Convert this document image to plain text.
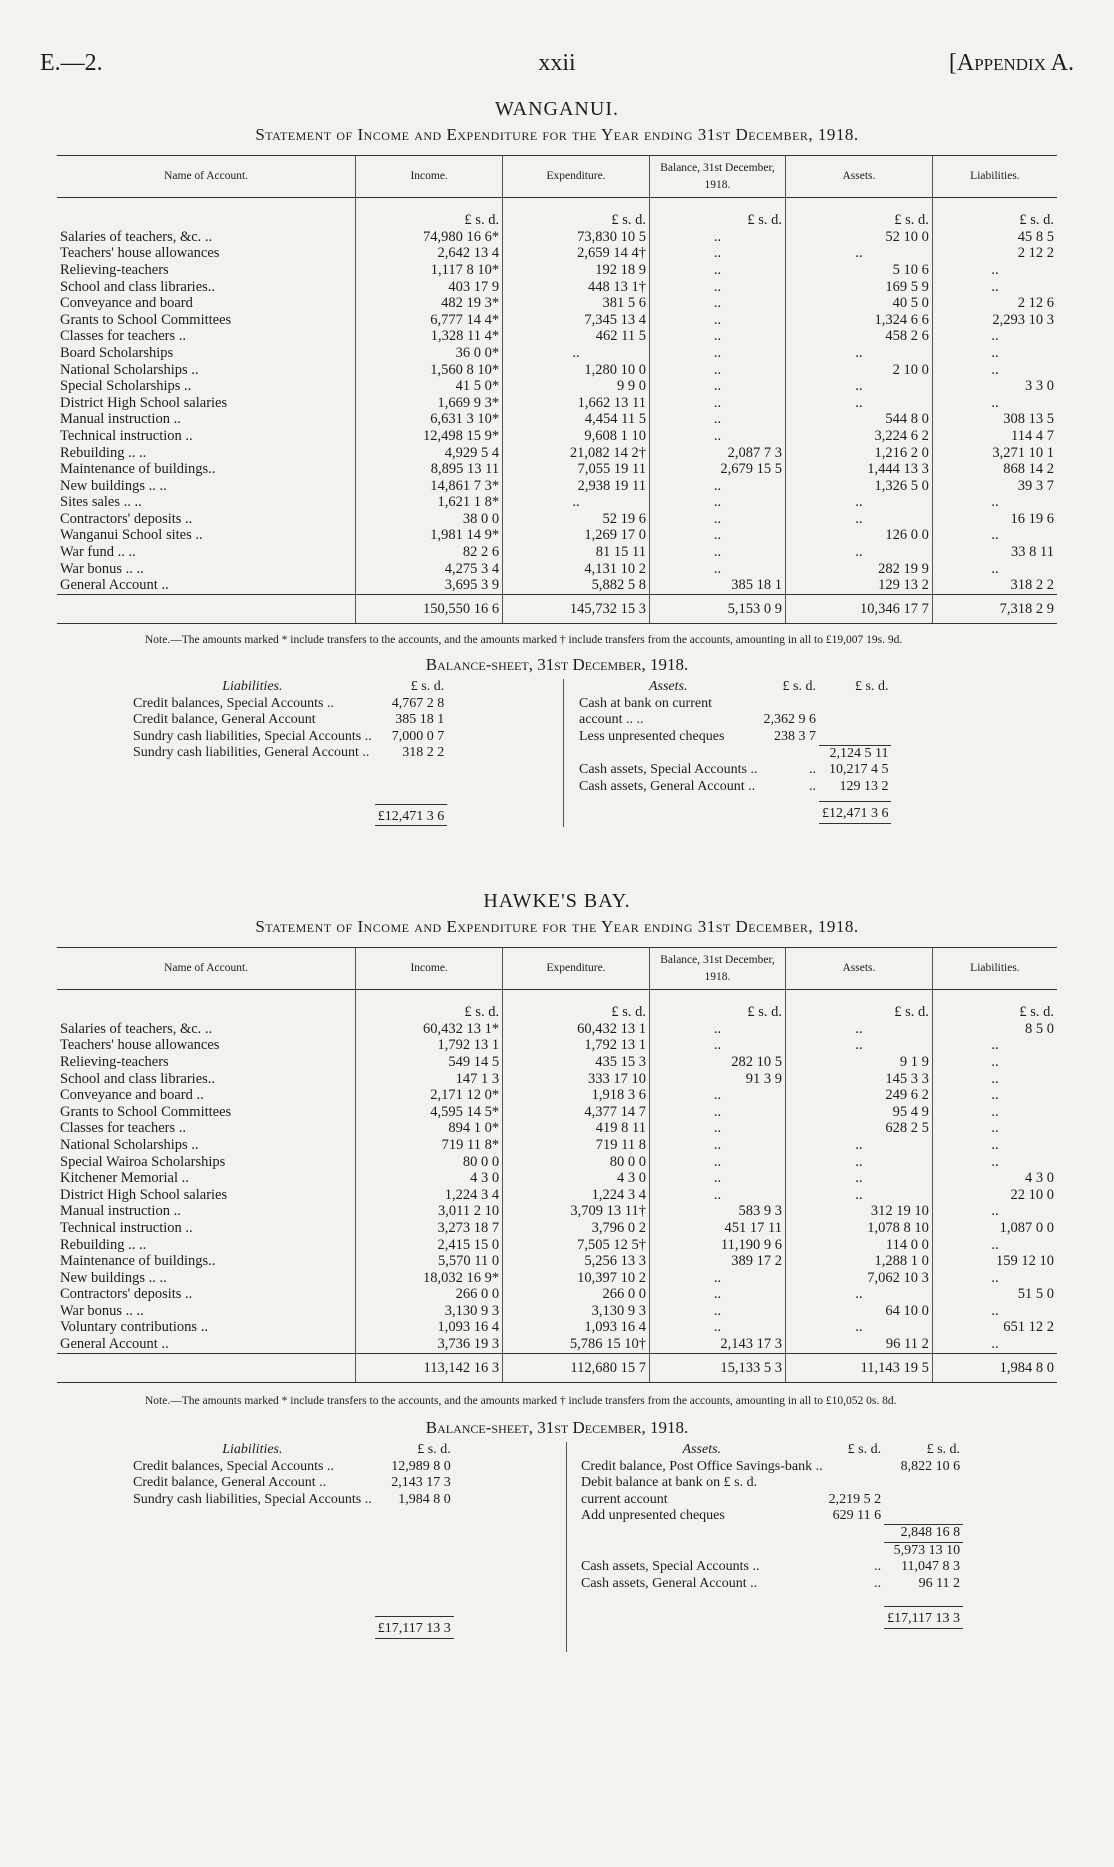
E.—2.	xxii	[Appendix A.
WANGANUI.
Statement of Income and Expenditure for the Year ending 31st December, 1918.
Name of Account.	Income.	Expenditure.	Balance, 31st December, 1918.	Assets.	Liabilities.
	£ s. d.	£ s. d.	£ s. d.	£ s. d.	£ s. d.
Salaries of teachers, &c. ..	74,980 16 6*	73,830 10 5	..	52 10 0	45 8 5
Teachers' house allowances	2,642 13 4	2,659 14 4†	..	..	2 12 2
Relieving-teachers	1,117 8 10*	192 18 9	..	5 10 6	..
School and class libraries..	403 17 9	448 13 1†	..	169 5 9	..
Conveyance and board	482 19 3*	381 5 6	..	40 5 0	2 12 6
Grants to School Committees	6,777 14 4*	7,345 13 4	..	1,324 6 6	2,293 10 3
Classes for teachers ..	1,328 11 4*	462 11 5	..	458 2 6	..
Board Scholarships	36 0 0*	..	..	..	..
National Scholarships ..	1,560 8 10*	1,280 10 0	..	2 10 0	..
Special Scholarships ..	41 5 0*	9 9 0	..	..	3 3 0
District High School salaries	1,669 9 3*	1,662 13 11	..	..	..
Manual instruction ..	6,631 3 10*	4,454 11 5	..	544 8 0	308 13 5
Technical instruction ..	12,498 15 9*	9,608 1 10	..	3,224 6 2	114 4 7
Rebuilding .. ..	4,929 5 4	21,082 14 2†	2,087 7 3	1,216 2 0	3,271 10 1
Maintenance of buildings..	8,895 13 11	7,055 19 11	2,679 15 5	1,444 13 3	868 14 2
New buildings .. ..	14,861 7 3*	2,938 19 11	..	1,326 5 0	39 3 7
Sites sales .. ..	1,621 1 8*	..	..	..	..
Contractors' deposits ..	38 0 0	52 19 6	..	..	16 19 6
Wanganui School sites ..	1,981 14 9*	1,269 17 0	..	126 0 0	..
War fund .. ..	82 2 6	81 15 11	..	..	33 8 11
War bonus .. ..	4,275 3 4	4,131 10 2	..	282 19 9	..
General Account ..	3,695 3 9	5,882 5 8	385 18 1	129 13 2	318 2 2
	150,550 16 6	145,732 15 3	5,153 0 9	10,346 17 7	7,318 2 9
Note.—The amounts marked * include transfers to the accounts, and the amounts marked † include transfers from the accounts, amounting in all to £19,007 19s. 9d.
Balance-sheet, 31st December, 1918.
Liabilities.	£ s. d.
Credit balances, Special Accounts ..	4,767 2 8
Credit balance, General Account	385 18 1
Sundry cash liabilities, Special Accounts ..	7,000 0 7
Sundry cash liabilities, General Account ..	318 2 2

	£12,471 3 6
Assets.	£ s. d.	£ s. d.
Cash at bank on current		
account .. ..	2,362 9 6	
Less unpresented cheques	238 3 7	
		2,124 5 11
Cash assets, Special Accounts ..	..	10,217 4 5
Cash assets, General Account ..	..	129 13 2

		£12,471 3 6
HAWKE'S BAY.
Statement of Income and Expenditure for the Year ending 31st December, 1918.
Name of Account.	Income.	Expenditure.	Balance, 31st December, 1918.	Assets.	Liabilities.
	£ s. d.	£ s. d.	£ s. d.	£ s. d.	£ s. d.
Salaries of teachers, &c. ..	60,432 13 1*	60,432 13 1	..	..	8 5 0
Teachers' house allowances	1,792 13 1	1,792 13 1	..	..	..
Relieving-teachers	549 14 5	435 15 3	282 10 5	9 1 9	..
School and class libraries..	147 1 3	333 17 10	91 3 9	145 3 3	..
Conveyance and board ..	2,171 12 0*	1,918 3 6	..	249 6 2	..
Grants to School Committees	4,595 14 5*	4,377 14 7	..	95 4 9	..
Classes for teachers ..	894 1 0*	419 8 11	..	628 2 5	..
National Scholarships ..	719 11 8*	719 11 8	..	..	..
Special Wairoa Scholarships	80 0 0	80 0 0	..	..	..
Kitchener Memorial ..	4 3 0	4 3 0	..	..	4 3 0
District High School salaries	1,224 3 4	1,224 3 4	..	..	22 10 0
Manual instruction ..	3,011 2 10	3,709 13 11†	583 9 3	312 19 10	..
Technical instruction ..	3,273 18 7	3,796 0 2	451 17 11	1,078 8 10	1,087 0 0
Rebuilding .. ..	2,415 15 0	7,505 12 5†	11,190 9 6	114 0 0	..
Maintenance of buildings..	5,570 11 0	5,256 13 3	389 17 2	1,288 1 0	159 12 10
New buildings .. ..	18,032 16 9*	10,397 10 2	..	7,062 10 3	..
Contractors' deposits ..	266 0 0	266 0 0	..	..	51 5 0
War bonus .. ..	3,130 9 3	3,130 9 3	..	64 10 0	..
Voluntary contributions ..	1,093 16 4	1,093 16 4	..	..	651 12 2
General Account ..	3,736 19 3	5,786 15 10†	2,143 17 3	96 11 2	..
	113,142 16 3	112,680 15 7	15,133 5 3	11,143 19 5	1,984 8 0
Note.—The amounts marked * include transfers to the accounts, and the amounts marked † include transfers from the accounts, amounting in all to £10,052 0s. 8d.
Balance-sheet, 31st December, 1918.
Liabilities.	£ s. d.
Credit balances, Special Accounts ..	12,989 8 0
Credit balance, General Account ..	2,143 17 3
Sundry cash liabilities, Special Accounts ..	1,984 8 0

	£17,117 13 3
Assets.	£ s. d.	£ s. d.
Credit balance, Post Office Savings-bank ..		8,822 10 6
Debit balance at bank on £ s. d.		
current account	2,219 5 2	
Add unpresented cheques	629 11 6	
		2,848 16 8
		5,973 13 10
Cash assets, Special Accounts ..	..	11,047 8 3
Cash assets, General Account ..	..	96 11 2

		£17,117 13 3
